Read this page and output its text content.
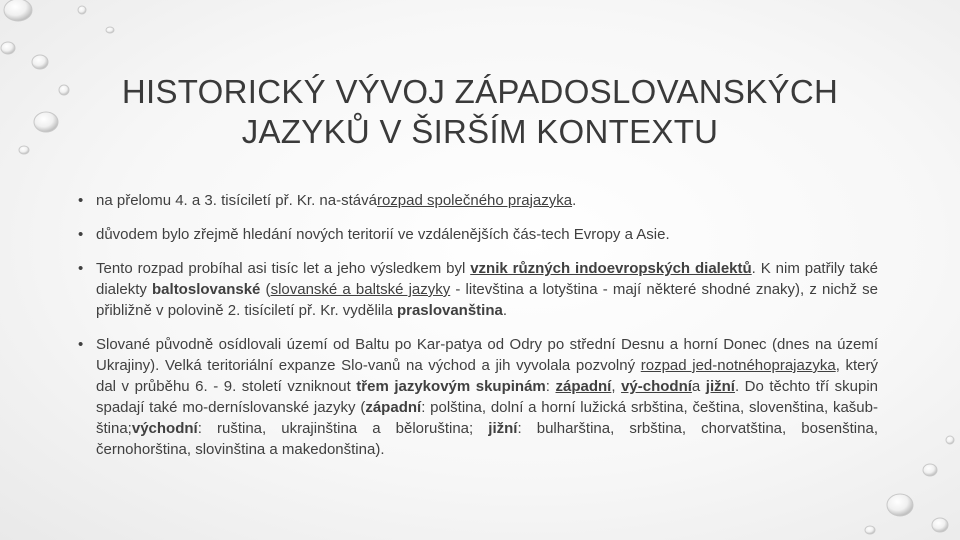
HISTORICKÝ VÝVOJ ZÁPADOSLOVANSKÝCH
JAZYKŮ V ŠIRŠÍM KONTEXTU
• na přelomu 4. a 3. tisíciletí př. Kr. na-stávározpad společného prajazyka.
• důvodem bylo zřejmě hledání nových teritorií ve vzdálenějších čás-tech Evropy a Asie.
• Tento rozpad probíhal asi tisíc let a jeho výsledkem byl vznik různých indoevropských dialektů. K nim patřily také dialekty baltoslovanské (slovanské a baltské jazyky - litevština a lotyština - mají některé shodné znaky), z nichž se přibližně v polovině 2. tisíciletí př. Kr. vydělila praslovanština.
• Slované původně osídlovali území od Baltu po Kar-patya od Odry po střední Desnu a horní Donec (dnes na území Ukrajiny). Velká teritoriální expanze Slo-vanů na východ a jih vyvolala pozvolný rozpad jed-notnéhoprajazyka, který dal v průběhu 6. - 9. století vzniknout třem jazykovým skupinám: západní, vý-chodnía jižní. Do těchto tří skupin spadají také mo-derníslovanské jazyky (západní: polština, dolní a horní lužická srbština, čeština, slovenština, kašub-ština;východní: ruština, ukrajinština a běloruština; jižní: bulharština, srbština, chorvatština, bosenština, černohorština, slovinština a makedonština).
